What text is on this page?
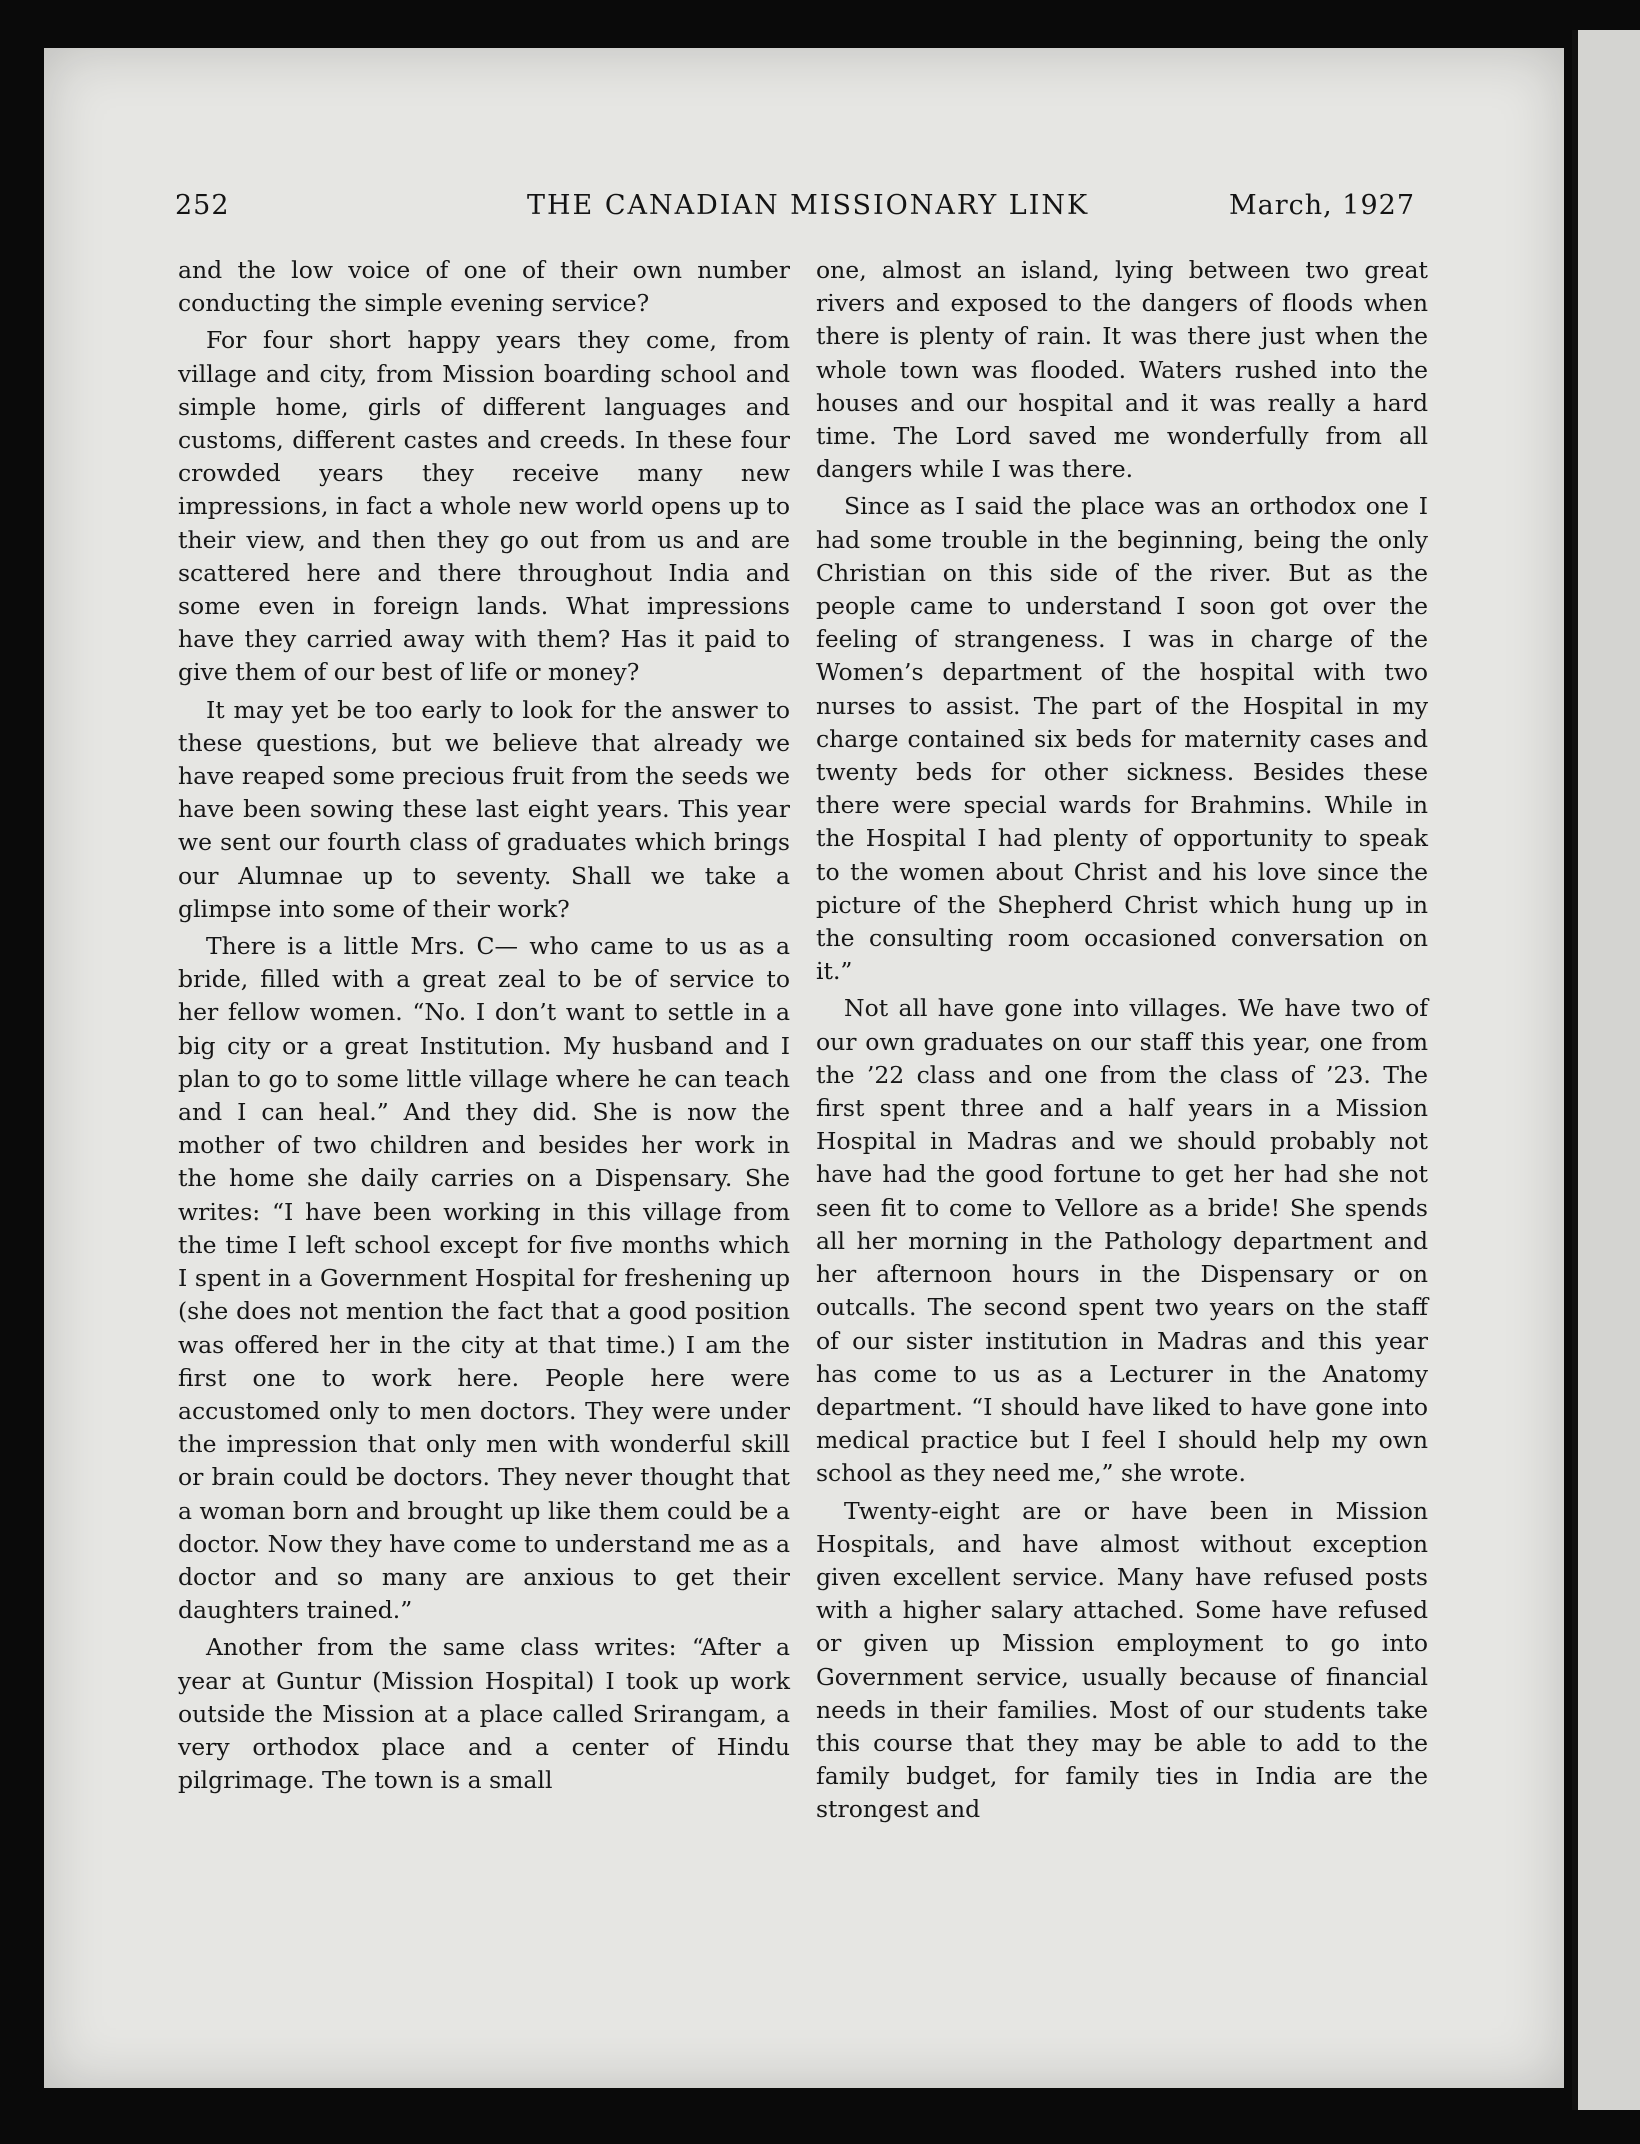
252	THE CANADIAN MISSIONARY LINK	March, 1927

and the low voice of one of their own number conducting the simple evening service?

For four short happy years they come, from village and city, from Mission boarding school and simple home, girls of different languages and customs, different castes and creeds. In these four crowded years they receive many new impressions, in fact a whole new world opens up to their view, and then they go out from us and are scattered here and there throughout India and some even in foreign lands. What impressions have they carried away with them? Has it paid to give them of our best of life or money?

It may yet be too early to look for the answer to these questions, but we believe that already we have reaped some precious fruit from the seeds we have been sowing these last eight years. This year we sent our fourth class of graduates which brings our Alumnae up to seventy. Shall we take a glimpse into some of their work?

There is a little Mrs. C— who came to us as a bride, filled with a great zeal to be of service to her fellow women. “No. I don’t want to settle in a big city or a great Institution. My husband and I plan to go to some little village where he can teach and I can heal.” And they did. She is now the mother of two children and besides her work in the home she daily carries on a Dispensary. She writes: “I have been working in this village from the time I left school except for five months which I spent in a Government Hospital for freshening up (she does not mention the fact that a good position was offered her in the city at that time.) I am the first one to work here. People here were accustomed only to men doctors. They were under the impression that only men with wonderful skill or brain could be doctors. They never thought that a woman born and brought up like them could be a doctor. Now they have come to understand me as a doctor and so many are anxious to get their daughters trained.”

Another from the same class writes: “After a year at Guntur (Mission Hospital) I took up work outside the Mission at a place called Srirangam, a very orthodox place and a center of Hindu pilgrimage. The town is a small

one, almost an island, lying between two great rivers and exposed to the dangers of floods when there is plenty of rain. It was there just when the whole town was flooded. Waters rushed into the houses and our hospital and it was really a hard time. The Lord saved me wonderfully from all dangers while I was there.

Since as I said the place was an orthodox one I had some trouble in the beginning, being the only Christian on this side of the river. But as the people came to understand I soon got over the feeling of strangeness. I was in charge of the Women’s department of the hospital with two nurses to assist. The part of the Hospital in my charge contained six beds for maternity cases and twenty beds for other sickness. Besides these there were special wards for Brahmins. While in the Hospital I had plenty of opportunity to speak to the women about Christ and his love since the picture of the Shepherd Christ which hung up in the consulting room occasioned conversation on it.”

Not all have gone into villages. We have two of our own graduates on our staff this year, one from the ’22 class and one from the class of ’23. The first spent three and a half years in a Mission Hospital in Madras and we should probably not have had the good fortune to get her had she not seen fit to come to Vellore as a bride! She spends all her morning in the Pathology department and her afternoon hours in the Dispensary or on outcalls. The second spent two years on the staff of our sister institution in Madras and this year has come to us as a Lecturer in the Anatomy department. “I should have liked to have gone into medical practice but I feel I should help my own school as they need me,” she wrote.

Twenty-eight are or have been in Mission Hospitals, and have almost without exception given excellent service. Many have refused posts with a higher salary attached. Some have refused or given up Mission employment to go into Government service, usually because of financial needs in their families. Most of our students take this course that they may be able to add to the family budget, for family ties in India are the strongest and
